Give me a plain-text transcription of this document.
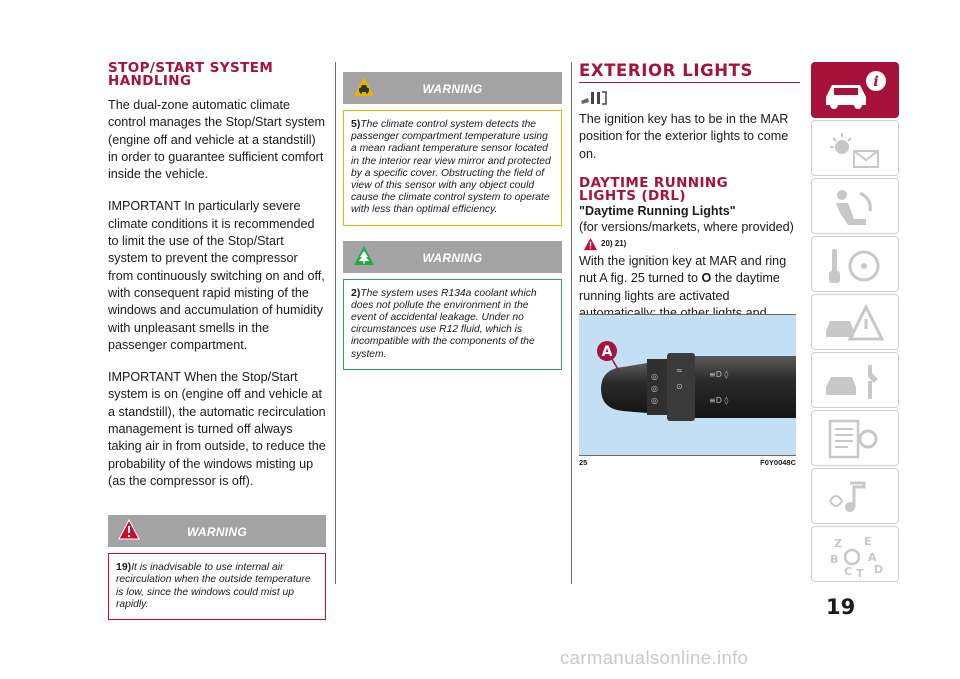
STOP/START SYSTEM HANDLING

The dual-zone automatic climate control manages the Stop/Start system (engine off and vehicle at a standstill) in order to guarantee sufficient comfort inside the vehicle.

IMPORTANT In particularly severe climate conditions it is recommended to limit the use of the Stop/Start system to prevent the compressor from continuously switching on and off, with consequent rapid misting of the windows and accumulation of humidity with unpleasant smells in the passenger compartment.

IMPORTANT When the Stop/Start system is on (engine off and vehicle at a standstill), the automatic recirculation management is turned off always taking air in from outside, to reduce the probability of the windows misting up (as the compressor is off).

WARNING

19)It is inadvisable to use internal air recirculation when the outside temperature is low, since the windows could mist up rapidly.

WARNING

5)The climate control system detects the passenger compartment temperature using a mean radiant temperature sensor located in the interior rear view mirror and protected by a specific cover. Obstructing the field of view of this sensor with any object could cause the climate control system to operate with less than optimal efficiency.

WARNING

2)The system uses R134a coolant which does not pollute the environment in the event of accidental leakage. Under no circumstances use R12 fluid, which is incompatible with the components of the system.

EXTERIOR LIGHTS

The ignition key has to be in the MAR position for the exterior lights to come on.

DAYTIME RUNNING LIGHTS (DRL)
"Daytime Running Lights"
(for versions/markets, where provided)
20) 21)

With the ignition key at MAR and ring nut A fig. 25 turned to O the daytime running lights are activated

◎
◎
◎
≈
⊙
≡D ◊
≡D ◊
A
25	F0Y0048C
i
Z E
B	A
C T D
19
carmanualsonline.info
